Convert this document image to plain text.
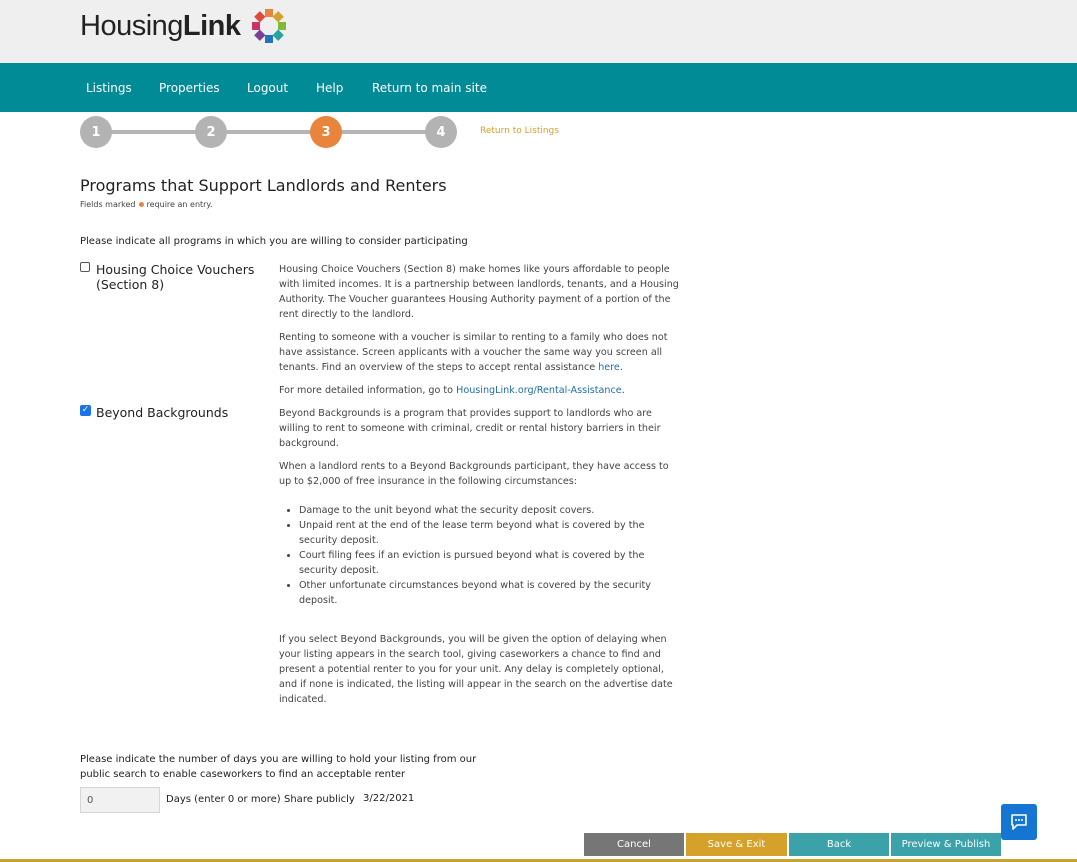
HousingLink
Listings Properties Logout Help Return to main site
1	2	3	4	Return to Listings
Programs that Support Landlords and Renters
Fields marked require an entry.
Please indicate all programs in which you are willing to consider participating
Housing Choice Vouchers (Section 8)

Housing Choice Vouchers (Section 8) make homes like yours affordable to people with limited incomes. It is a partnership between landlords, tenants, and a Housing Authority. The Voucher guarantees Housing Authority payment of a portion of the rent directly to the landlord.

Renting to someone with a voucher is similar to renting to a family who does not have assistance. Screen applicants with a voucher the same way you screen all tenants. Find an overview of the steps to accept rental assistance here.

For more detailed information, go to HousingLink.org/Rental-Assistance.

✓ Beyond Backgrounds	Beyond Backgrounds is a program that provides support to landlords who are willing to rent to someone with criminal, credit or rental history barriers in their background.

When a landlord rents to a Beyond Backgrounds participant, they have access to up to $2,000 of free insurance in the following circumstances:

• Damage to the unit beyond what the security deposit covers.
• Unpaid rent at the end of the lease term beyond what is covered by the security deposit.
• Court filing fees if an eviction is pursued beyond what is covered by the security deposit.
• Other unfortunate circumstances beyond what is covered by the security deposit.

If you select Beyond Backgrounds, you will be given the option of delaying when your listing appears in the search tool, giving caseworkers a chance to find and present a potential renter to you for your unit. Any delay is completely optional, and if none is indicated, the listing will appear in the search on the advertise date indicated.

Please indicate the number of days you are willing to hold your listing from our public search to enable caseworkers to find an acceptable renter
0
Days (enter 0 or more) Share publicly 3/22/2021
Cancel	Save & Exit	Back	Preview & Publish
